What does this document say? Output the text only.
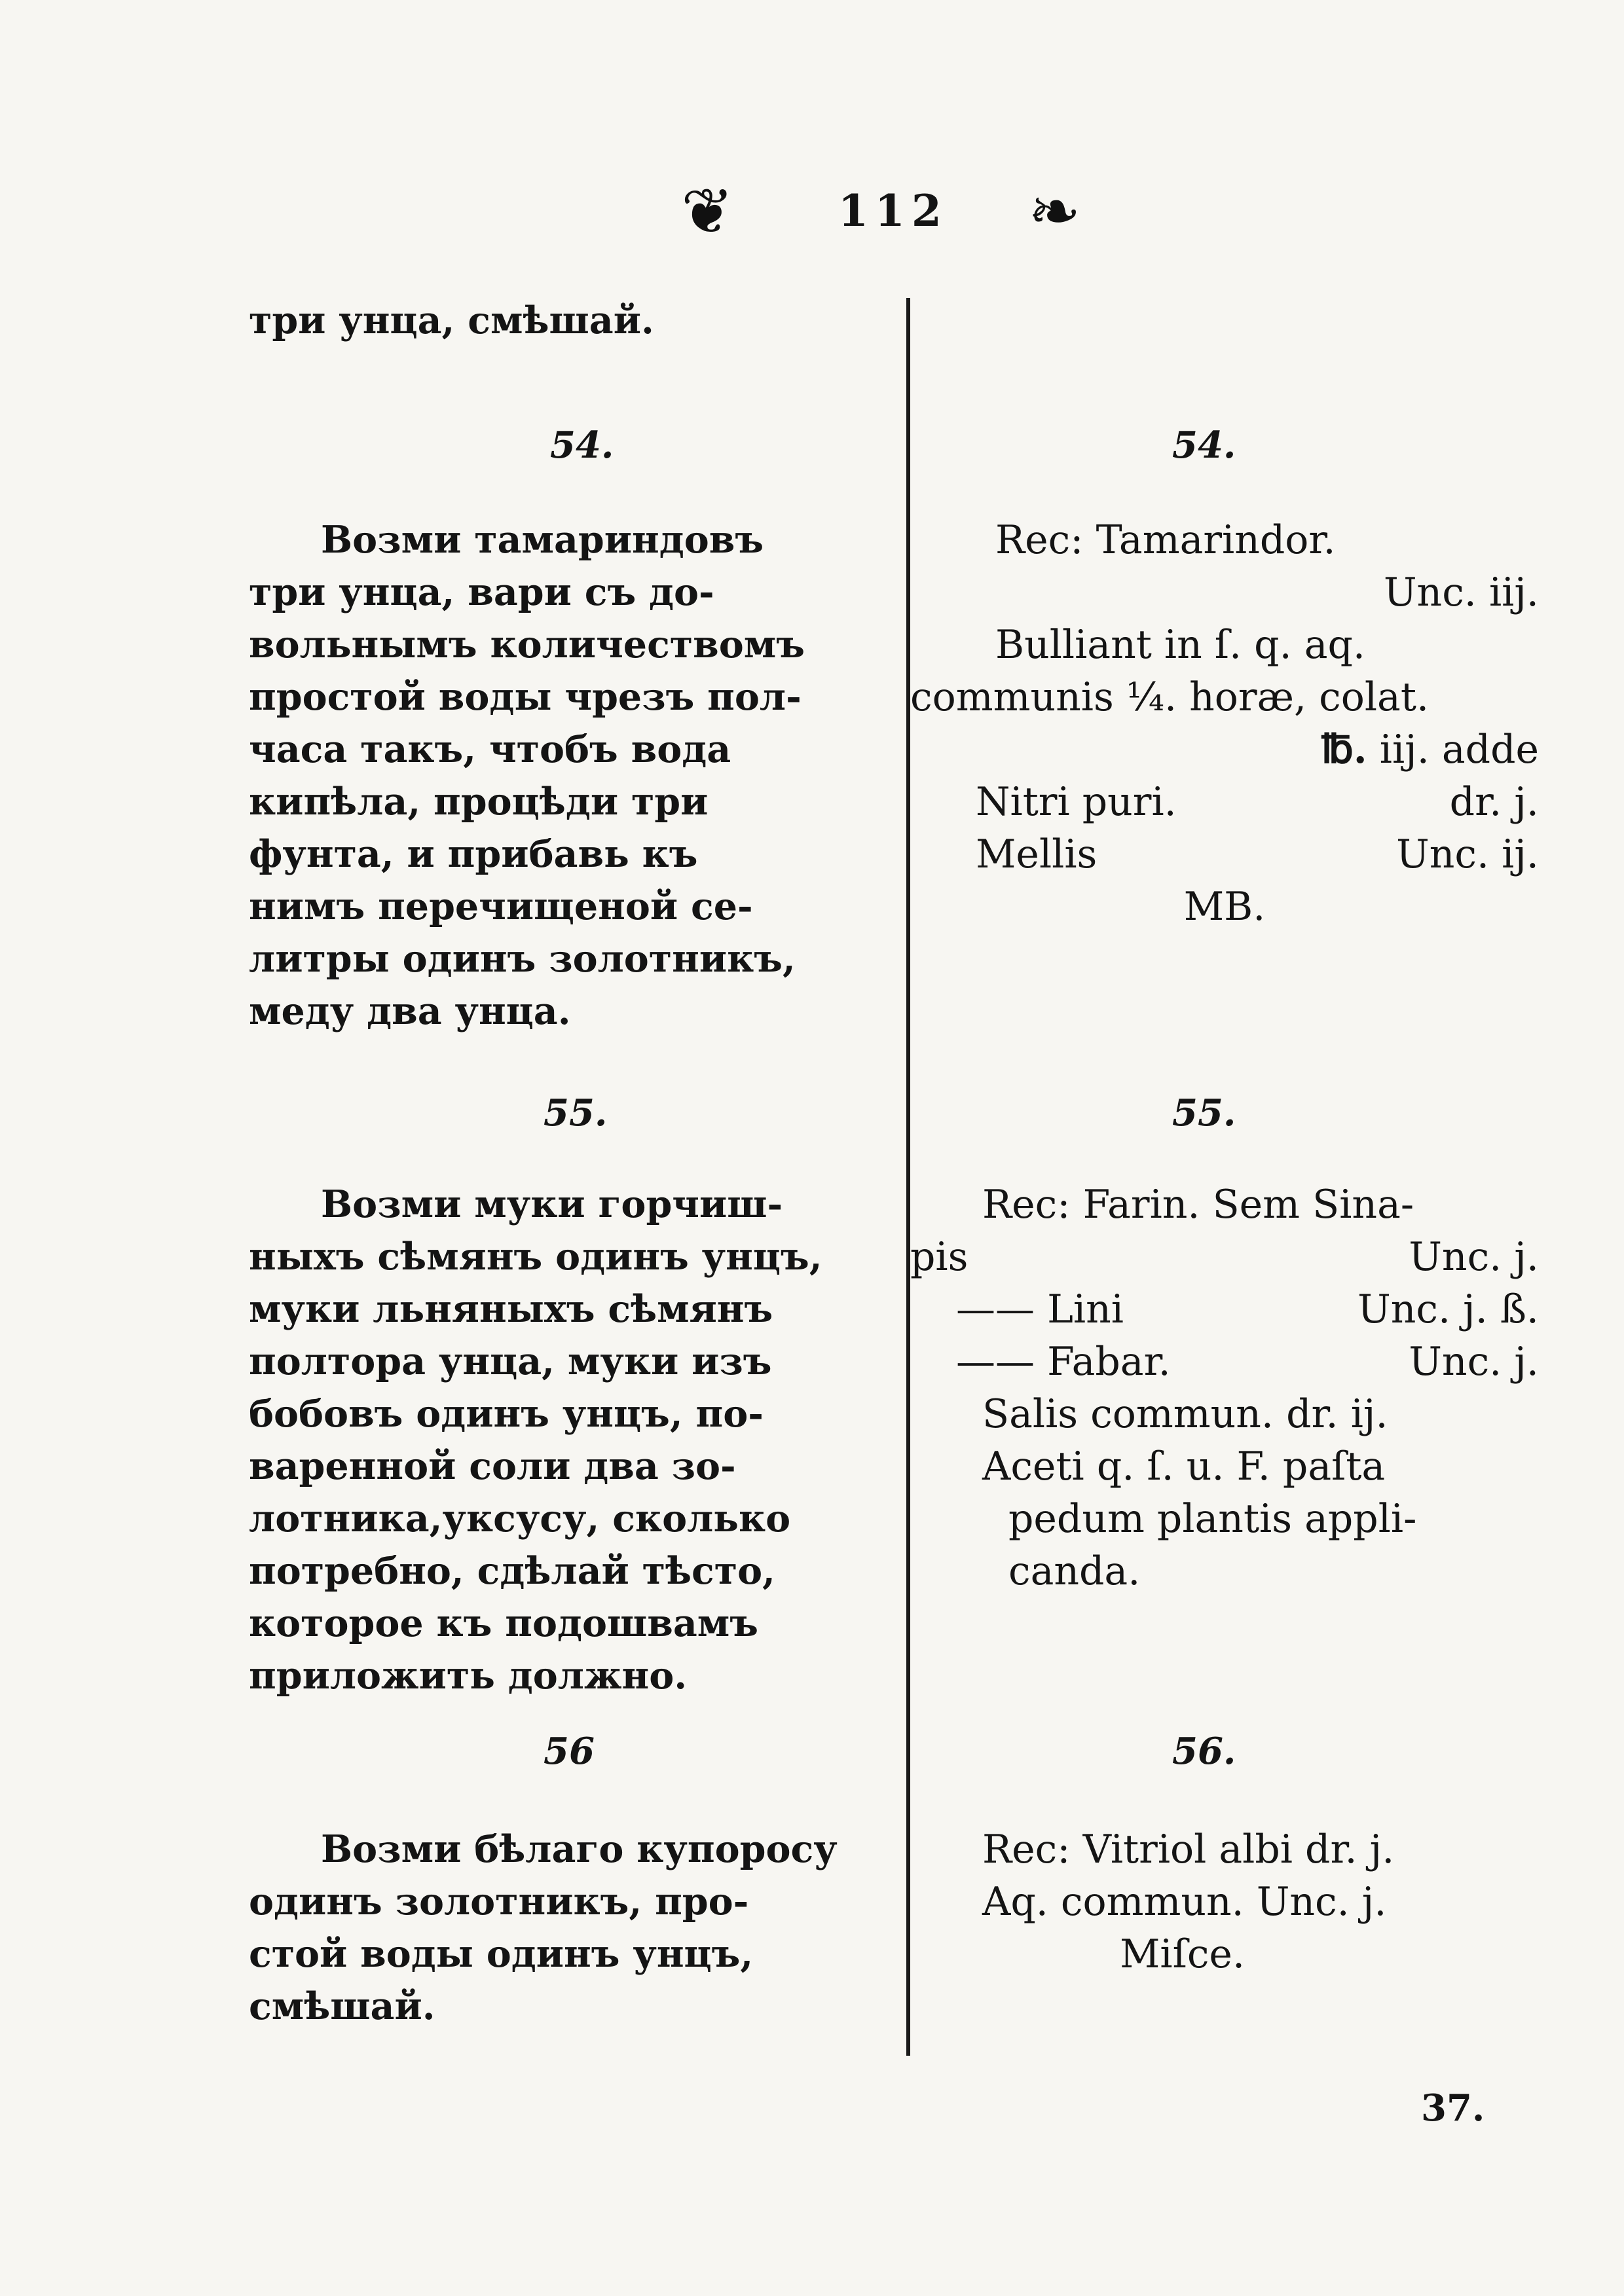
❦ 112 ❧
три унца, смѣшай.
54.
Возми тамариндовъ
три унца, вари съ до-
вольнымъ количествомъ
простой воды чрезъ пол-
часа такъ, чтобъ вода
кипѣла, процѣди три
фунта, и прибавь къ
нимъ перечищеной се-
литры одинъ золотникъ,
меду два унца.
55.
Возми муки горчиш-
ныхъ сѣмянъ одинъ унцъ,
муки льняныхъ сѣмянъ
полтора унца, муки изъ
бобовъ одинъ унцъ, по-
варенной соли два зо-
лотника,уксусу, сколько
потребно, сдѣлай тѣсто,
которое къ подошвамъ
приложить должно.
56
Возми бѣлаго купоросу
одинъ золотникъ, про-
стой воды одинъ унцъ,
смѣшай.
54.
Rec: Tamarindor.
Unc. iij.
Bulliant in ſ. q. aq.
communis ¼. horæ, colat.
℔. iij. adde
Nitri puri.	dr. j.
Mellis	Unc. ij.
MB.
55.
Rec: Farin. Sem Sina-
pis	Unc. j.
—— Lini	Unc. j. ß.
—— Fabar.	Unc. j.
Salis commun. dr. ij.
Aceti q. ſ. u. F. paſta
pedum plantis appli-
canda.
56.
Rec: Vitriol albi dr. j.
Aq. commun. Unc. j.
Miſce.
37.
